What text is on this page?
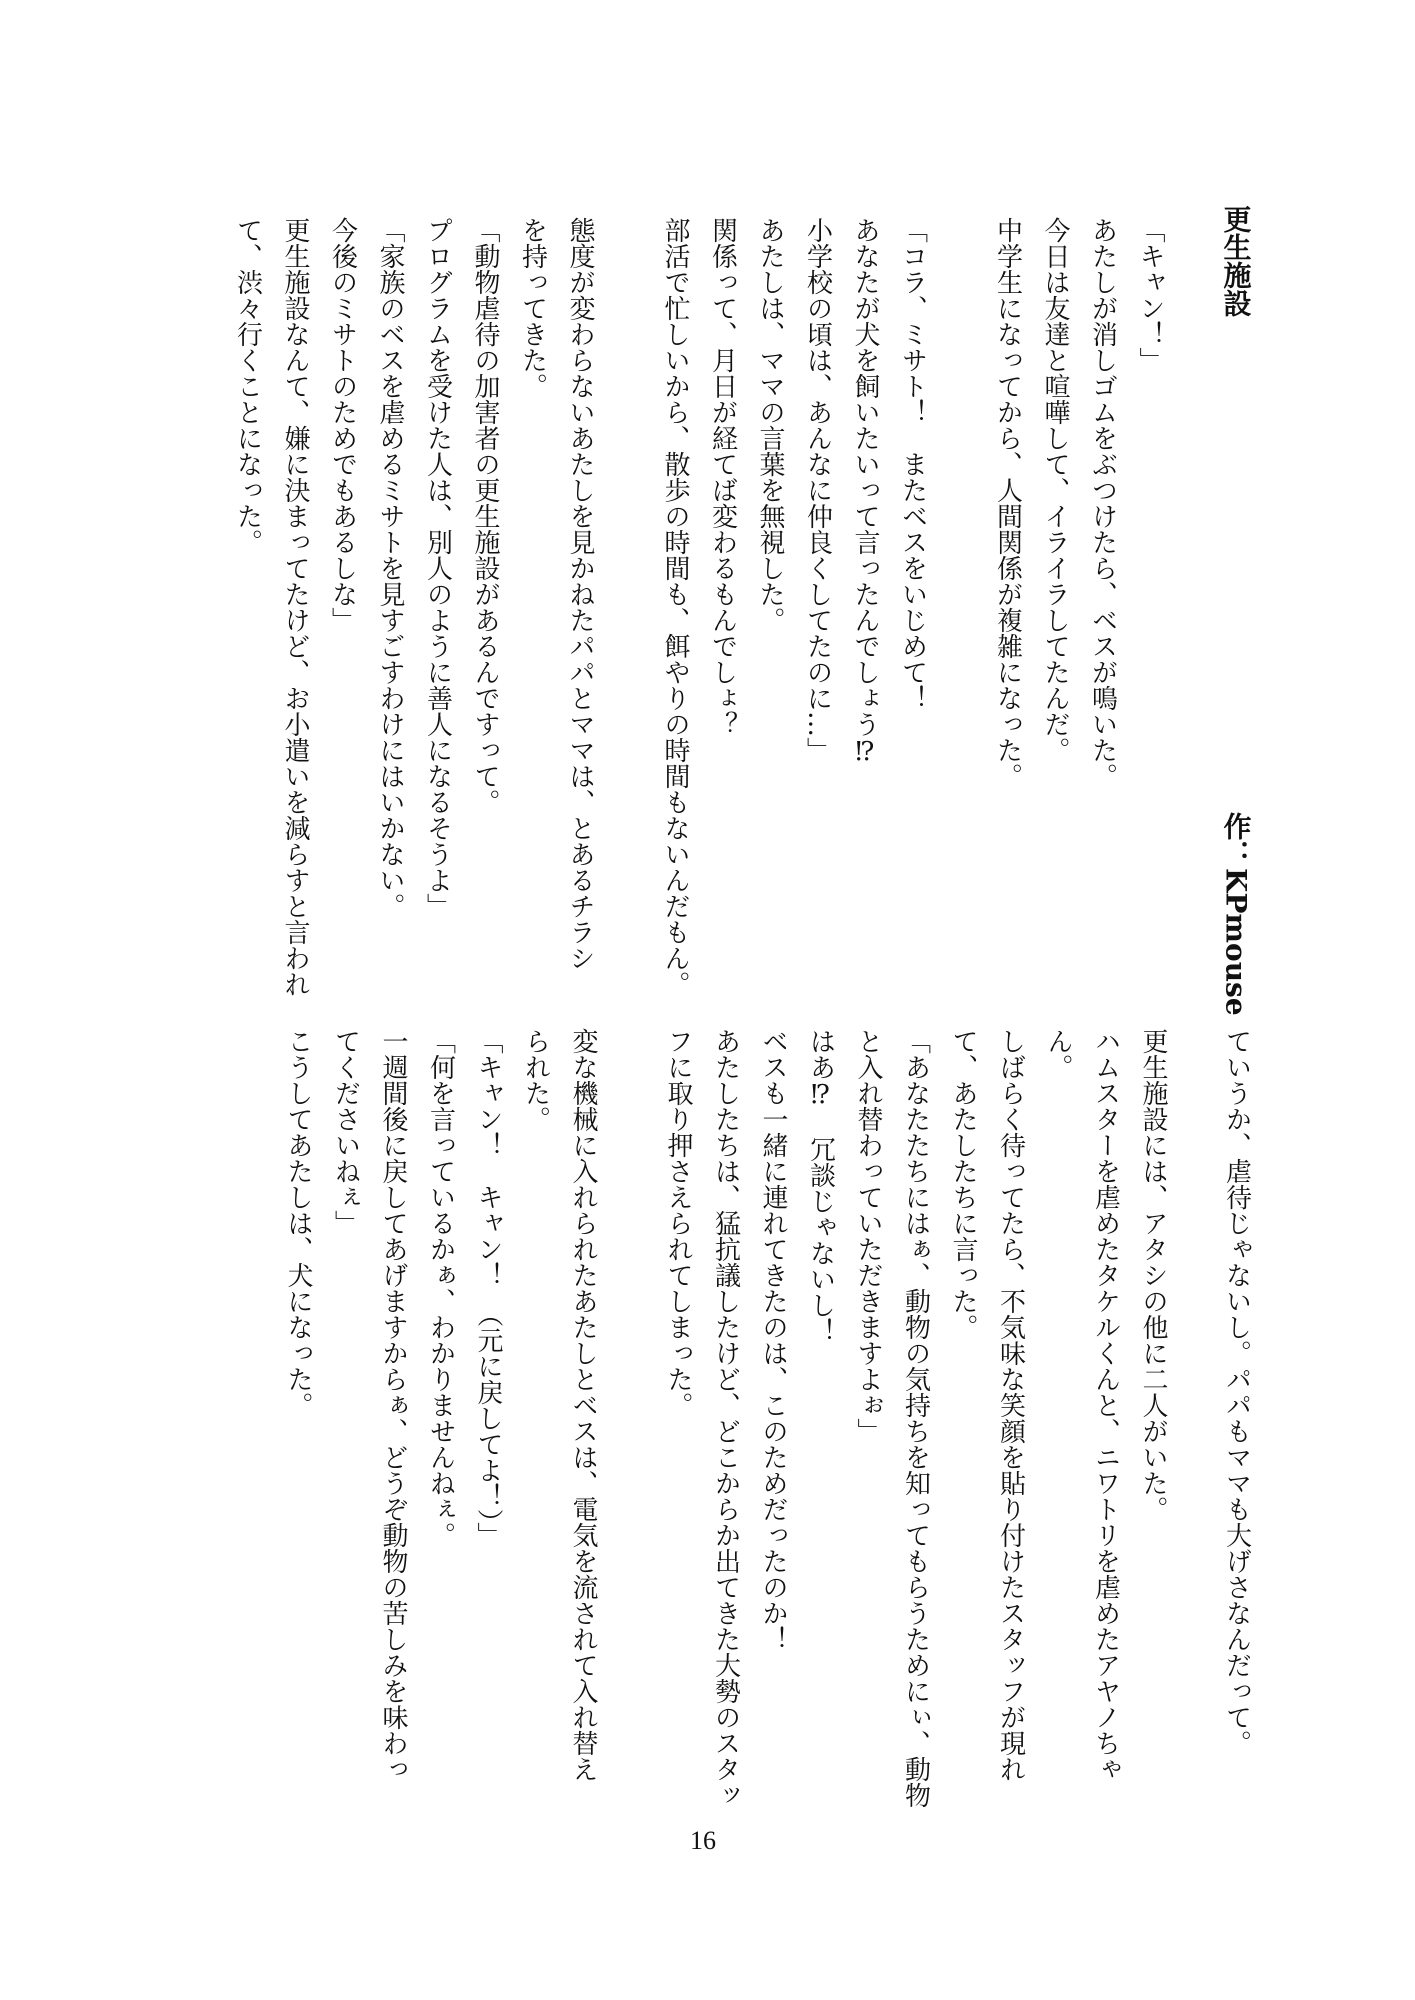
更生施設
作：KPmouse
「キャン！」
あたしが消しゴムをぶつけたら、ベスが鳴いた。
今日は友達と喧嘩して、イライラしてたんだ。
中学生になってから、人間関係が複雑になった。

「コラ、ミサト！　またベスをいじめて！
あなたが犬を飼いたいって言ったんでしょう⁉
小学校の頃は、あんなに仲良くしてたのに…」
あたしは、ママの言葉を無視した。
関係って、月日が経てば変わるもんでしょ？
部活で忙しいから、散歩の時間も、餌やりの時間もないんだもん。

態度が変わらないあたしを見かねたパパとママは、とあるチラシ
を持ってきた。
「動物虐待の加害者の更生施設があるんですって。
プログラムを受けた人は、別人のように善人になるそうよ」
「家族のベスを虐めるミサトを見すごすわけにはいかない。
今後のミサトのためでもあるしな」
更生施設なんて、嫌に決まってたけど、お小遣いを減らすと言われ
て、渋々行くことになった。
ていうか、虐待じゃないし。パパもママも大げさなんだって。
更生施設には、アタシの他に二人がいた。
ハムスターを虐めたタケルくんと、ニワトリを虐めたアヤノちゃ
ん。
しばらく待ってたら、不気味な笑顔を貼り付けたスタッフが現れ
て、あたしたちに言った。
「あなたたちにはぁ、動物の気持ちを知ってもらうためにぃ、動物
と入れ替わっていただきますよぉ」
はあ⁉　冗談じゃないし！
ベスも一緒に連れてきたのは、このためだったのか！
あたしたちは、猛抗議したけど、どこからか出てきた大勢のスタッ
フに取り押さえられてしまった。

変な機械に入れられたあたしとベスは、電気を流されて入れ替え
られた。
「キャン！　キャン！　（元に戻してよ！）」
「何を言っているかぁ、わかりませんねぇ。
一週間後に戻してあげますからぁ、どうぞ動物の苦しみを味わっ
てくださいねぇ」
こうしてあたしは、犬になった。
16
